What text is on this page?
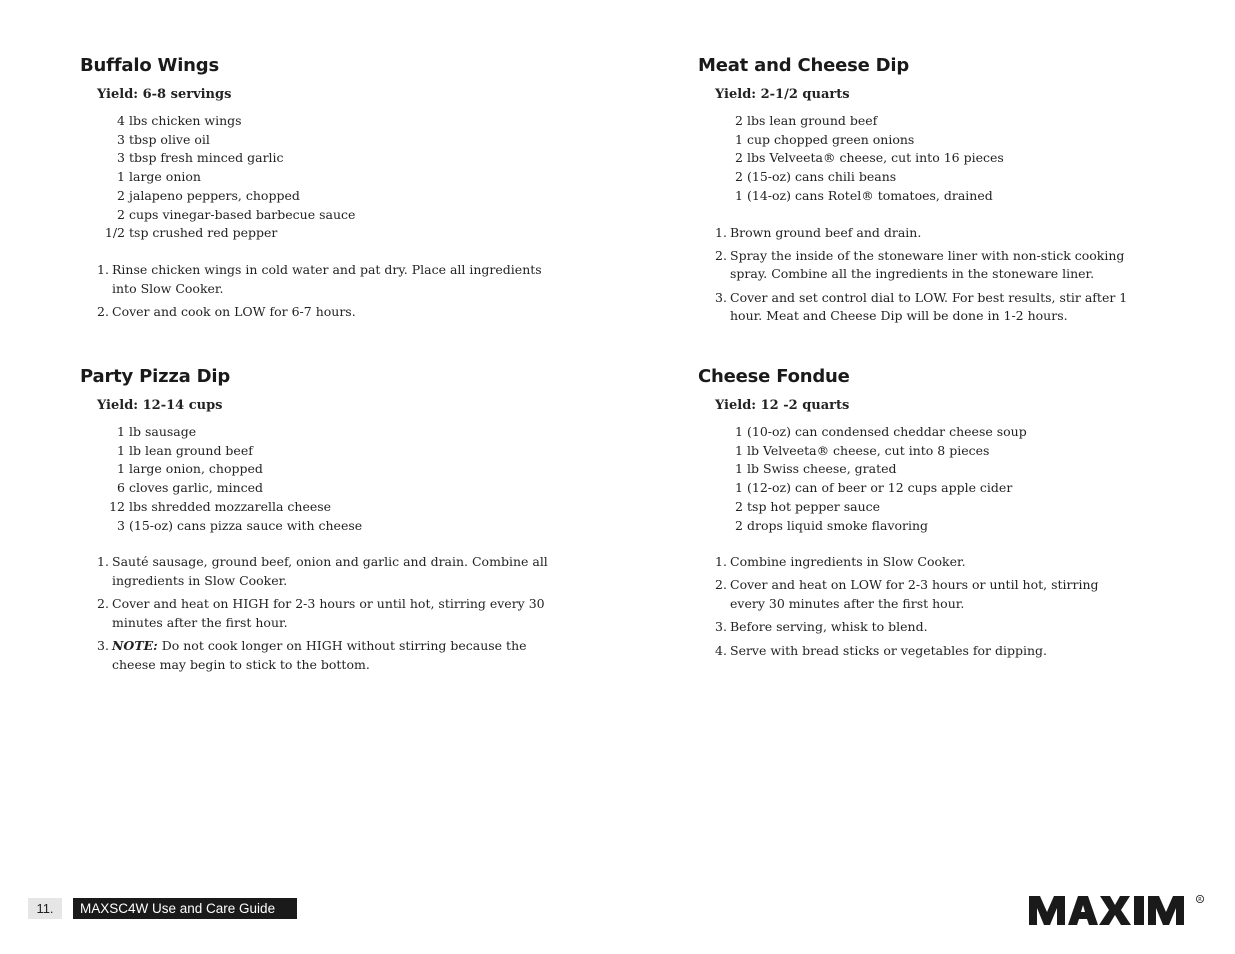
Buffalo Wings
Yield: 6-8 servings
4 lbs chicken wings
3 tbsp olive oil
3 tbsp fresh minced garlic
1 large onion
2 jalapeno peppers, chopped
2 cups vinegar-based barbecue sauce
1/2 tsp crushed red pepper
1. Rinse chicken wings in cold water and pat dry. Place all ingredients into Slow Cooker.
2. Cover and cook on LOW for 6-7 hours.
Party Pizza Dip
Yield: 12-14 cups
1 lb sausage
1 lb lean ground beef
1 large onion, chopped
6 cloves garlic, minced
12 lbs shredded mozzarella cheese
3 (15-oz) cans pizza sauce with cheese
1. Sauté sausage, ground beef, onion and garlic and drain. Combine all ingredients in Slow Cooker.
2. Cover and heat on HIGH for 2-3 hours or until hot, stirring every 30 minutes after the first hour.
3. NOTE: Do not cook longer on HIGH without stirring because the cheese may begin to stick to the bottom.
Meat and Cheese Dip
Yield: 2-1/2 quarts
2 lbs lean ground beef
1 cup chopped green onions
2 lbs Velveeta® cheese, cut into 16 pieces
2 (15-oz) cans chili beans
1 (14-oz) cans Rotel® tomatoes, drained
1. Brown ground beef and drain.
2. Spray the inside of the stoneware liner with non-stick cooking spray. Combine all the ingredients in the stoneware liner.
3. Cover and set control dial to LOW. For best results, stir after 1 hour. Meat and Cheese Dip will be done in 1-2 hours.
Cheese Fondue
Yield: 12 -2 quarts
1 (10-oz) can condensed cheddar cheese soup
1 lb Velveeta® cheese, cut into 8 pieces
1 lb Swiss cheese, grated
1 (12-oz) can of beer or 12 cups apple cider
2 tsp hot pepper sauce
2 drops liquid smoke flavoring
1. Combine ingredients in Slow Cooker.
2. Cover and heat on LOW for 2-3 hours or until hot, stirring every 30 minutes after the first hour.
3. Before serving, whisk to blend.
4. Serve with bread sticks or vegetables for dipping.
11.	MAXSC4W Use and Care Guide
R
